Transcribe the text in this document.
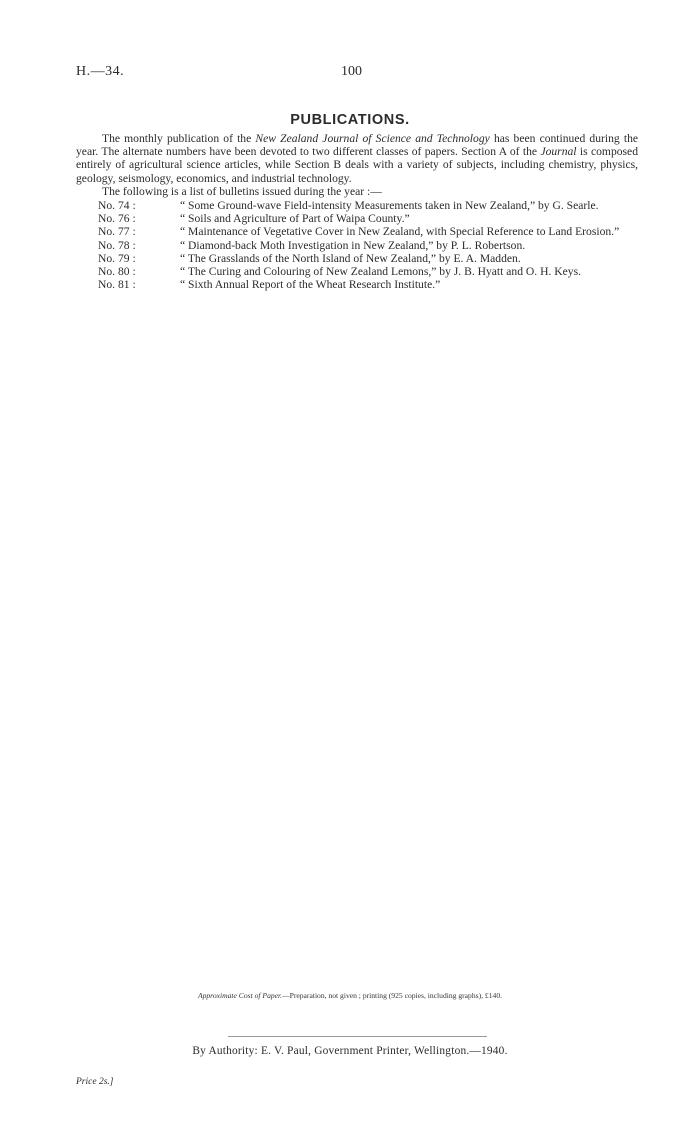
H.—34.	100
PUBLICATIONS.

The monthly publication of the New Zealand Journal of Science and Technology has been continued during the year. The alternate numbers have been devoted to two different classes of papers. Section A of the Journal is composed entirely of agricultural science articles, while Section B deals with a variety of subjects, including chemistry, physics, geology, seismology, economics, and industrial technology.

The following is a list of bulletins issued during the year :—

No. 74 :	“ Some Ground-wave Field-intensity Measurements taken in New Zealand,” by G. Searle.
No. 76 :	“ Soils and Agriculture of Part of Waipa County.”
No. 77 :	“ Maintenance of Vegetative Cover in New Zealand, with Special Reference to Land Erosion.”
No. 78 :	“ Diamond-back Moth Investigation in New Zealand,” by P. L. Robertson.
No. 79 :	“ The Grasslands of the North Island of New Zealand,” by E. A. Madden.
No. 80 :	“ The Curing and Colouring of New Zealand Lemons,” by J. B. Hyatt and O. H. Keys.
No. 81 :	“ Sixth Annual Report of the Wheat Research Institute.”
Approximate Cost of Paper.—Preparation, not given ; printing (925 copies, including graphs), £140.
By Authority: E. V. Paul, Government Printer, Wellington.—1940.
Price 2s.]
